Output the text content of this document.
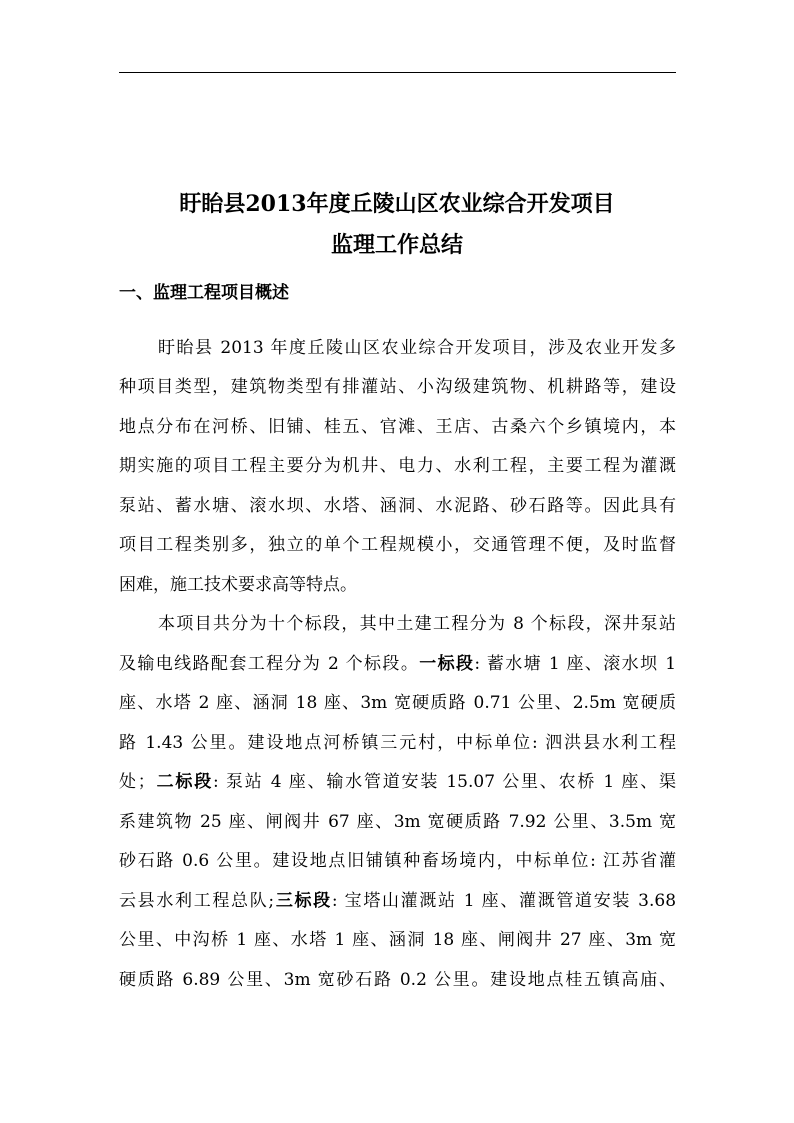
盱眙县2013年度丘陵山区农业综合开发项目
监理工作总结
一、监理工程项目概述
盱眙县 2013 年度丘陵山区农业综合开发项目，涉及农业开发多
种项目类型，建筑物类型有排灌站、小沟级建筑物、机耕路等，建设
地点分布在河桥、旧铺、桂五、官滩、王店、古桑六个乡镇境内，本
期实施的项目工程主要分为机井、电力、水利工程，主要工程为灌溉
泵站、蓄水塘、滚水坝、水塔、涵洞、水泥路、砂石路等。因此具有
项目工程类别多，独立的单个工程规模小，交通管理不便，及时监督
困难，施工技术要求高等特点。
本项目共分为十个标段，其中土建工程分为 8 个标段，深井泵站
及输电线路配套工程分为 2 个标段。一标段: 蓄水塘 1 座、滚水坝 1
座、水塔 2 座、涵洞 18 座、3m 宽硬质路 0.71 公里、2.5m 宽硬质
路 1.43 公里。建设地点河桥镇三元村，中标单位: 泗洪县水利工程
处；二标段: 泵站 4 座、输水管道安装 15.07 公里、农桥 1 座、渠
系建筑物 25 座、闸阀井 67 座、3m 宽硬质路 7.92 公里、3.5m 宽
砂石路 0.6 公里。建设地点旧铺镇种畜场境内，中标单位: 江苏省灌
云县水利工程总队;三标段: 宝塔山灌溉站 1 座、灌溉管道安装 3.68
公里、中沟桥 1 座、水塔 1 座、涵洞 18 座、闸阀井 27 座、3m 宽
硬质路 6.89 公里、3m 宽砂石路 0.2 公里。建设地点桂五镇高庙、
